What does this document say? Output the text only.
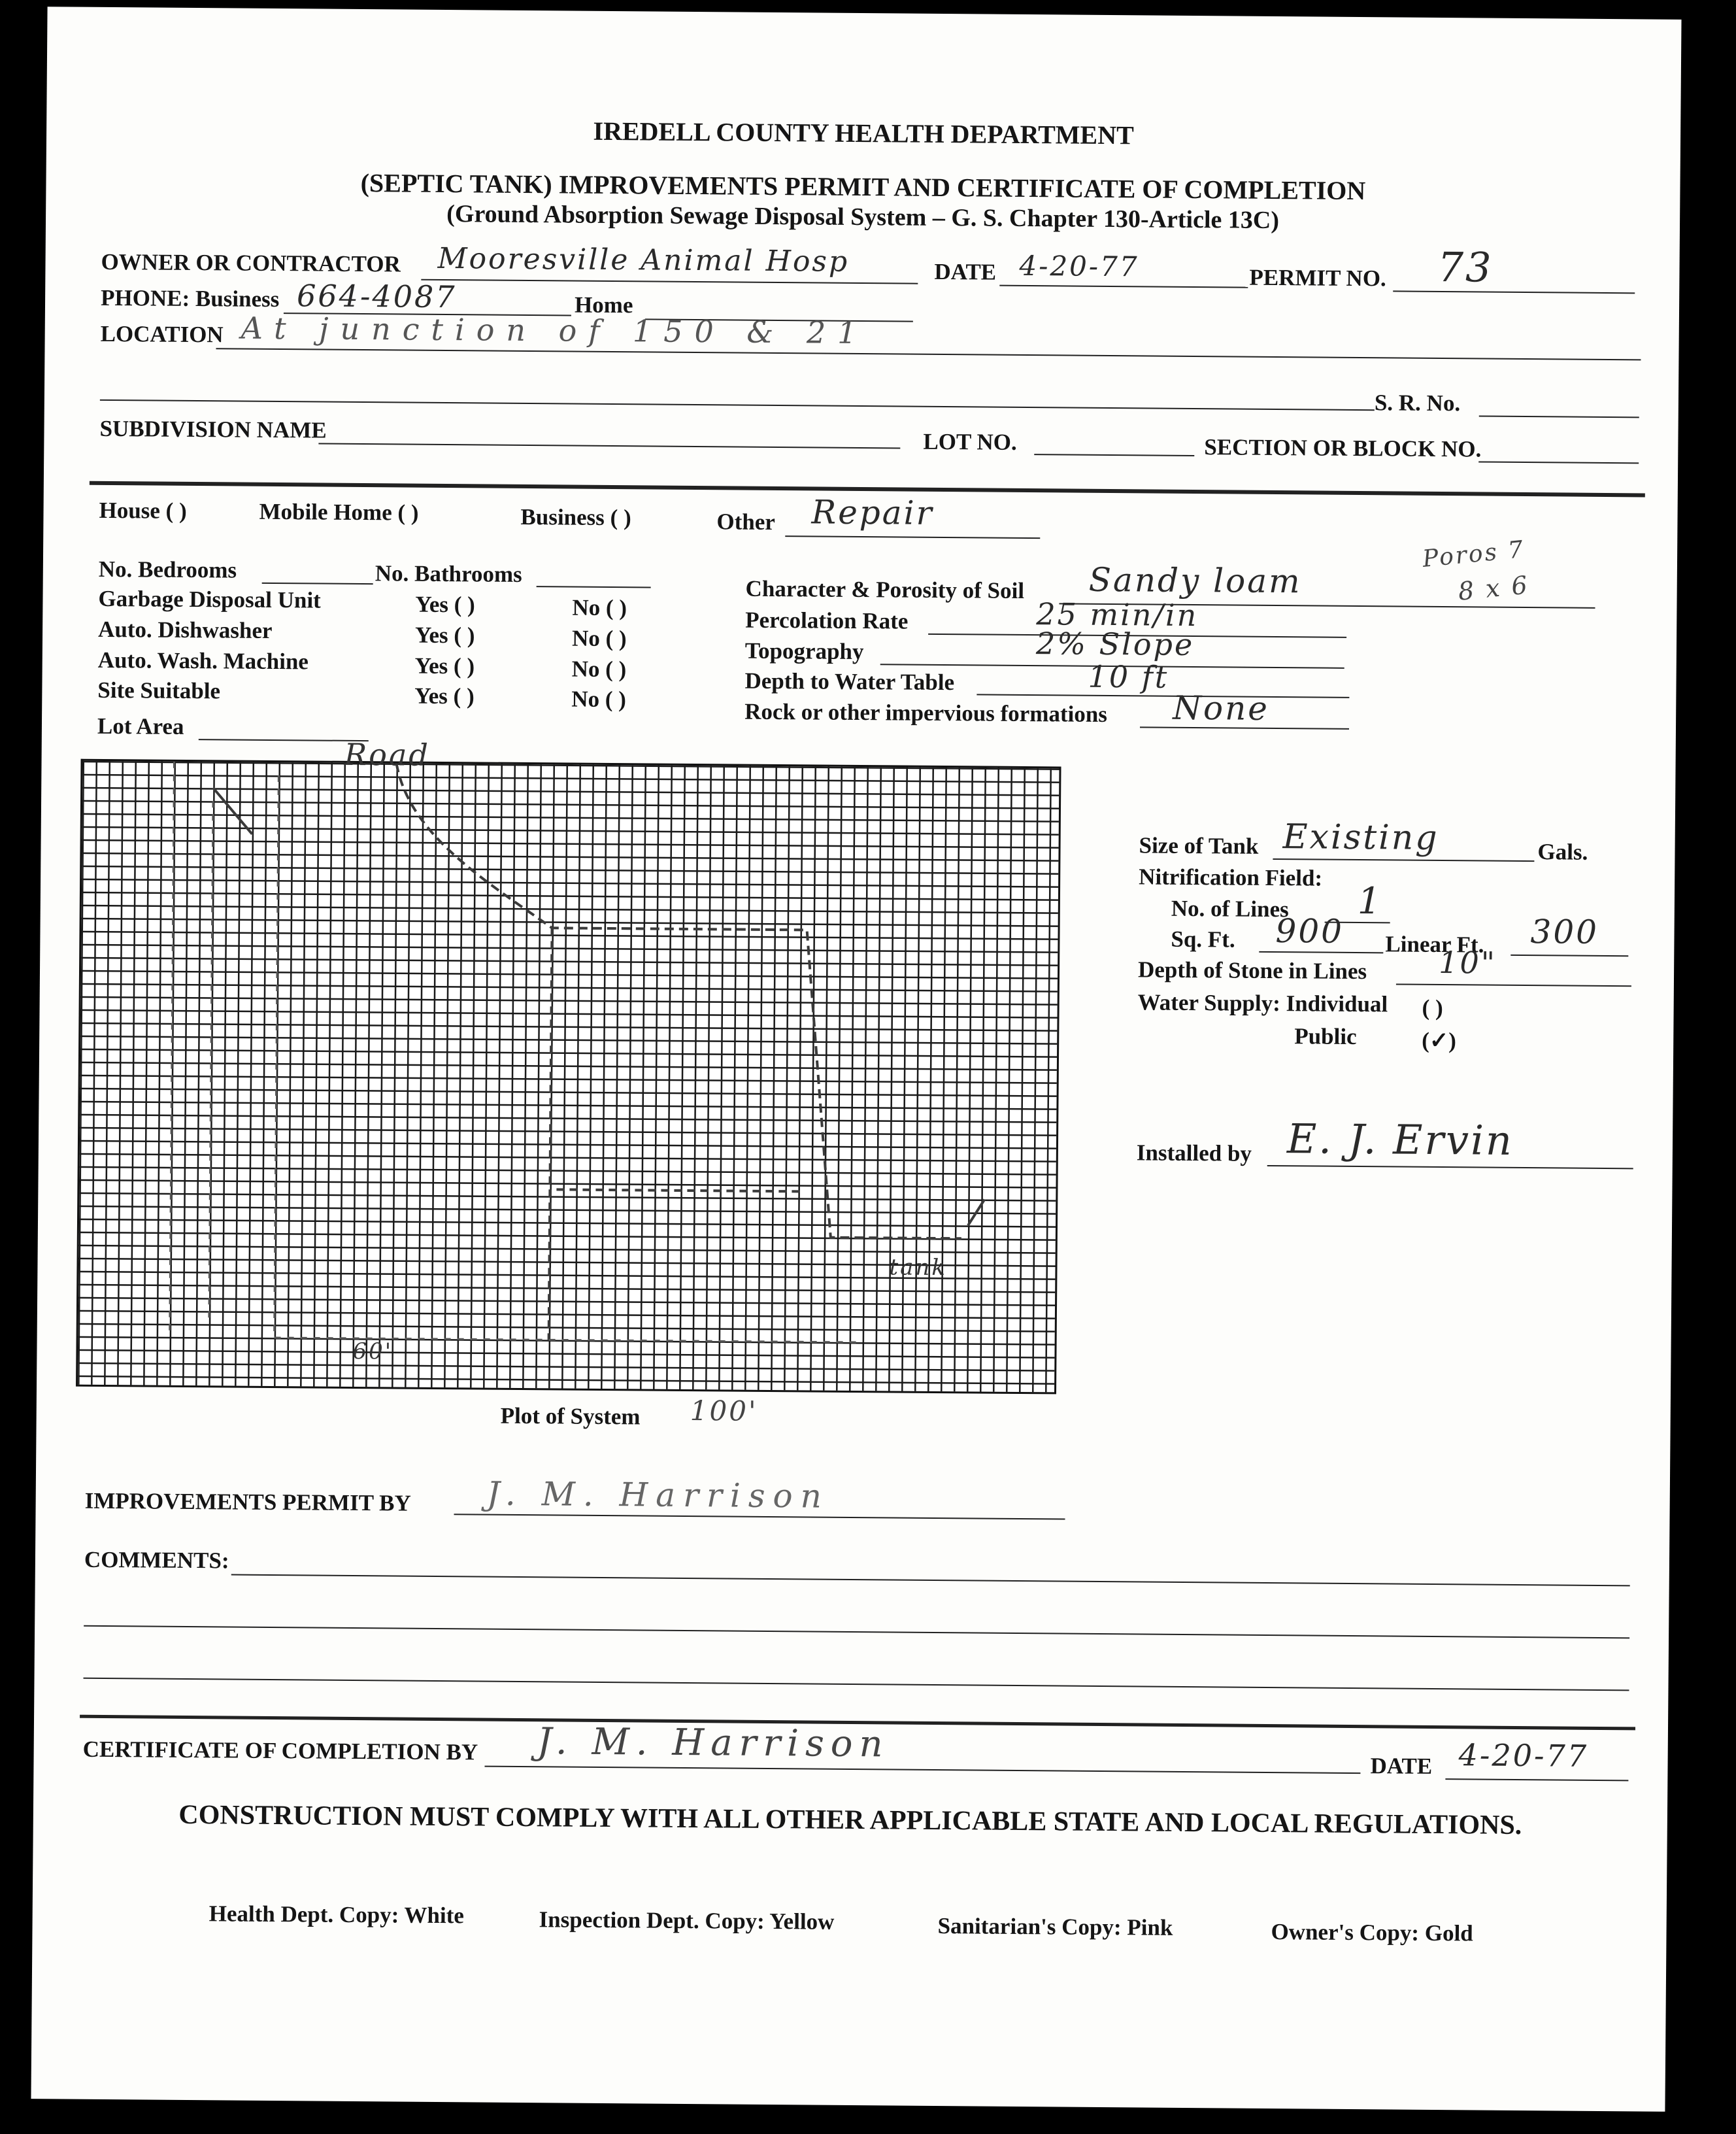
IREDELL COUNTY HEALTH DEPARTMENT
(SEPTIC TANK) IMPROVEMENTS PERMIT AND CERTIFICATE OF COMPLETION
(Ground Absorption Sewage Disposal System – G. S. Chapter 130-Article 13C)
OWNER OR CONTRACTOR Mooresville Animal Hosp	DATE 4-20-77	PERMIT NO. 73
PHONE: Business 664-4087	Home
LOCATION At junction of 150 & 21
S. R. No.
SUBDIVISION NAME	LOT NO.	SECTION OR BLOCK NO.
House ( )	Mobile Home ( )	Business ( )	Other Repair
No. Bedrooms	No. Bathrooms
Garbage Disposal Unit	Yes ( )	No ( )
Auto. Dishwasher	Yes ( )	No ( )
Auto. Wash. Machine	Yes ( )	No ( )
Site Suitable	Yes ( )	No ( )
Lot Area
Character & Porosity of Soil Sandy loam
Poros 7
8 x 6
Percolation Rate	25 min/in
Topography	2% Slope
Depth to Water Table	10 ft
Rock or other impervious formations None
Road
tank
60'
Plot of System 100'
Size of Tank Existing	Gals.
Nitrification Field:
No. of Lines 1
Sq. Ft. 900 Linear Ft. 300
Depth of Stone in Lines 10"
Water Supply: Individual ( )
Public	(✓)
Installed by E. J. Ervin
IMPROVEMENTS PERMIT BY J. M. Harrison
COMMENTS:
CERTIFICATE OF COMPLETION BY J. M. Harrison
DATE 4-20-77
CONSTRUCTION MUST COMPLY WITH ALL OTHER APPLICABLE STATE AND LOCAL REGULATIONS.
Health Dept. Copy: White	Inspection Dept. Copy: Yellow	Sanitarian's Copy: Pink	Owner's Copy: Gold
